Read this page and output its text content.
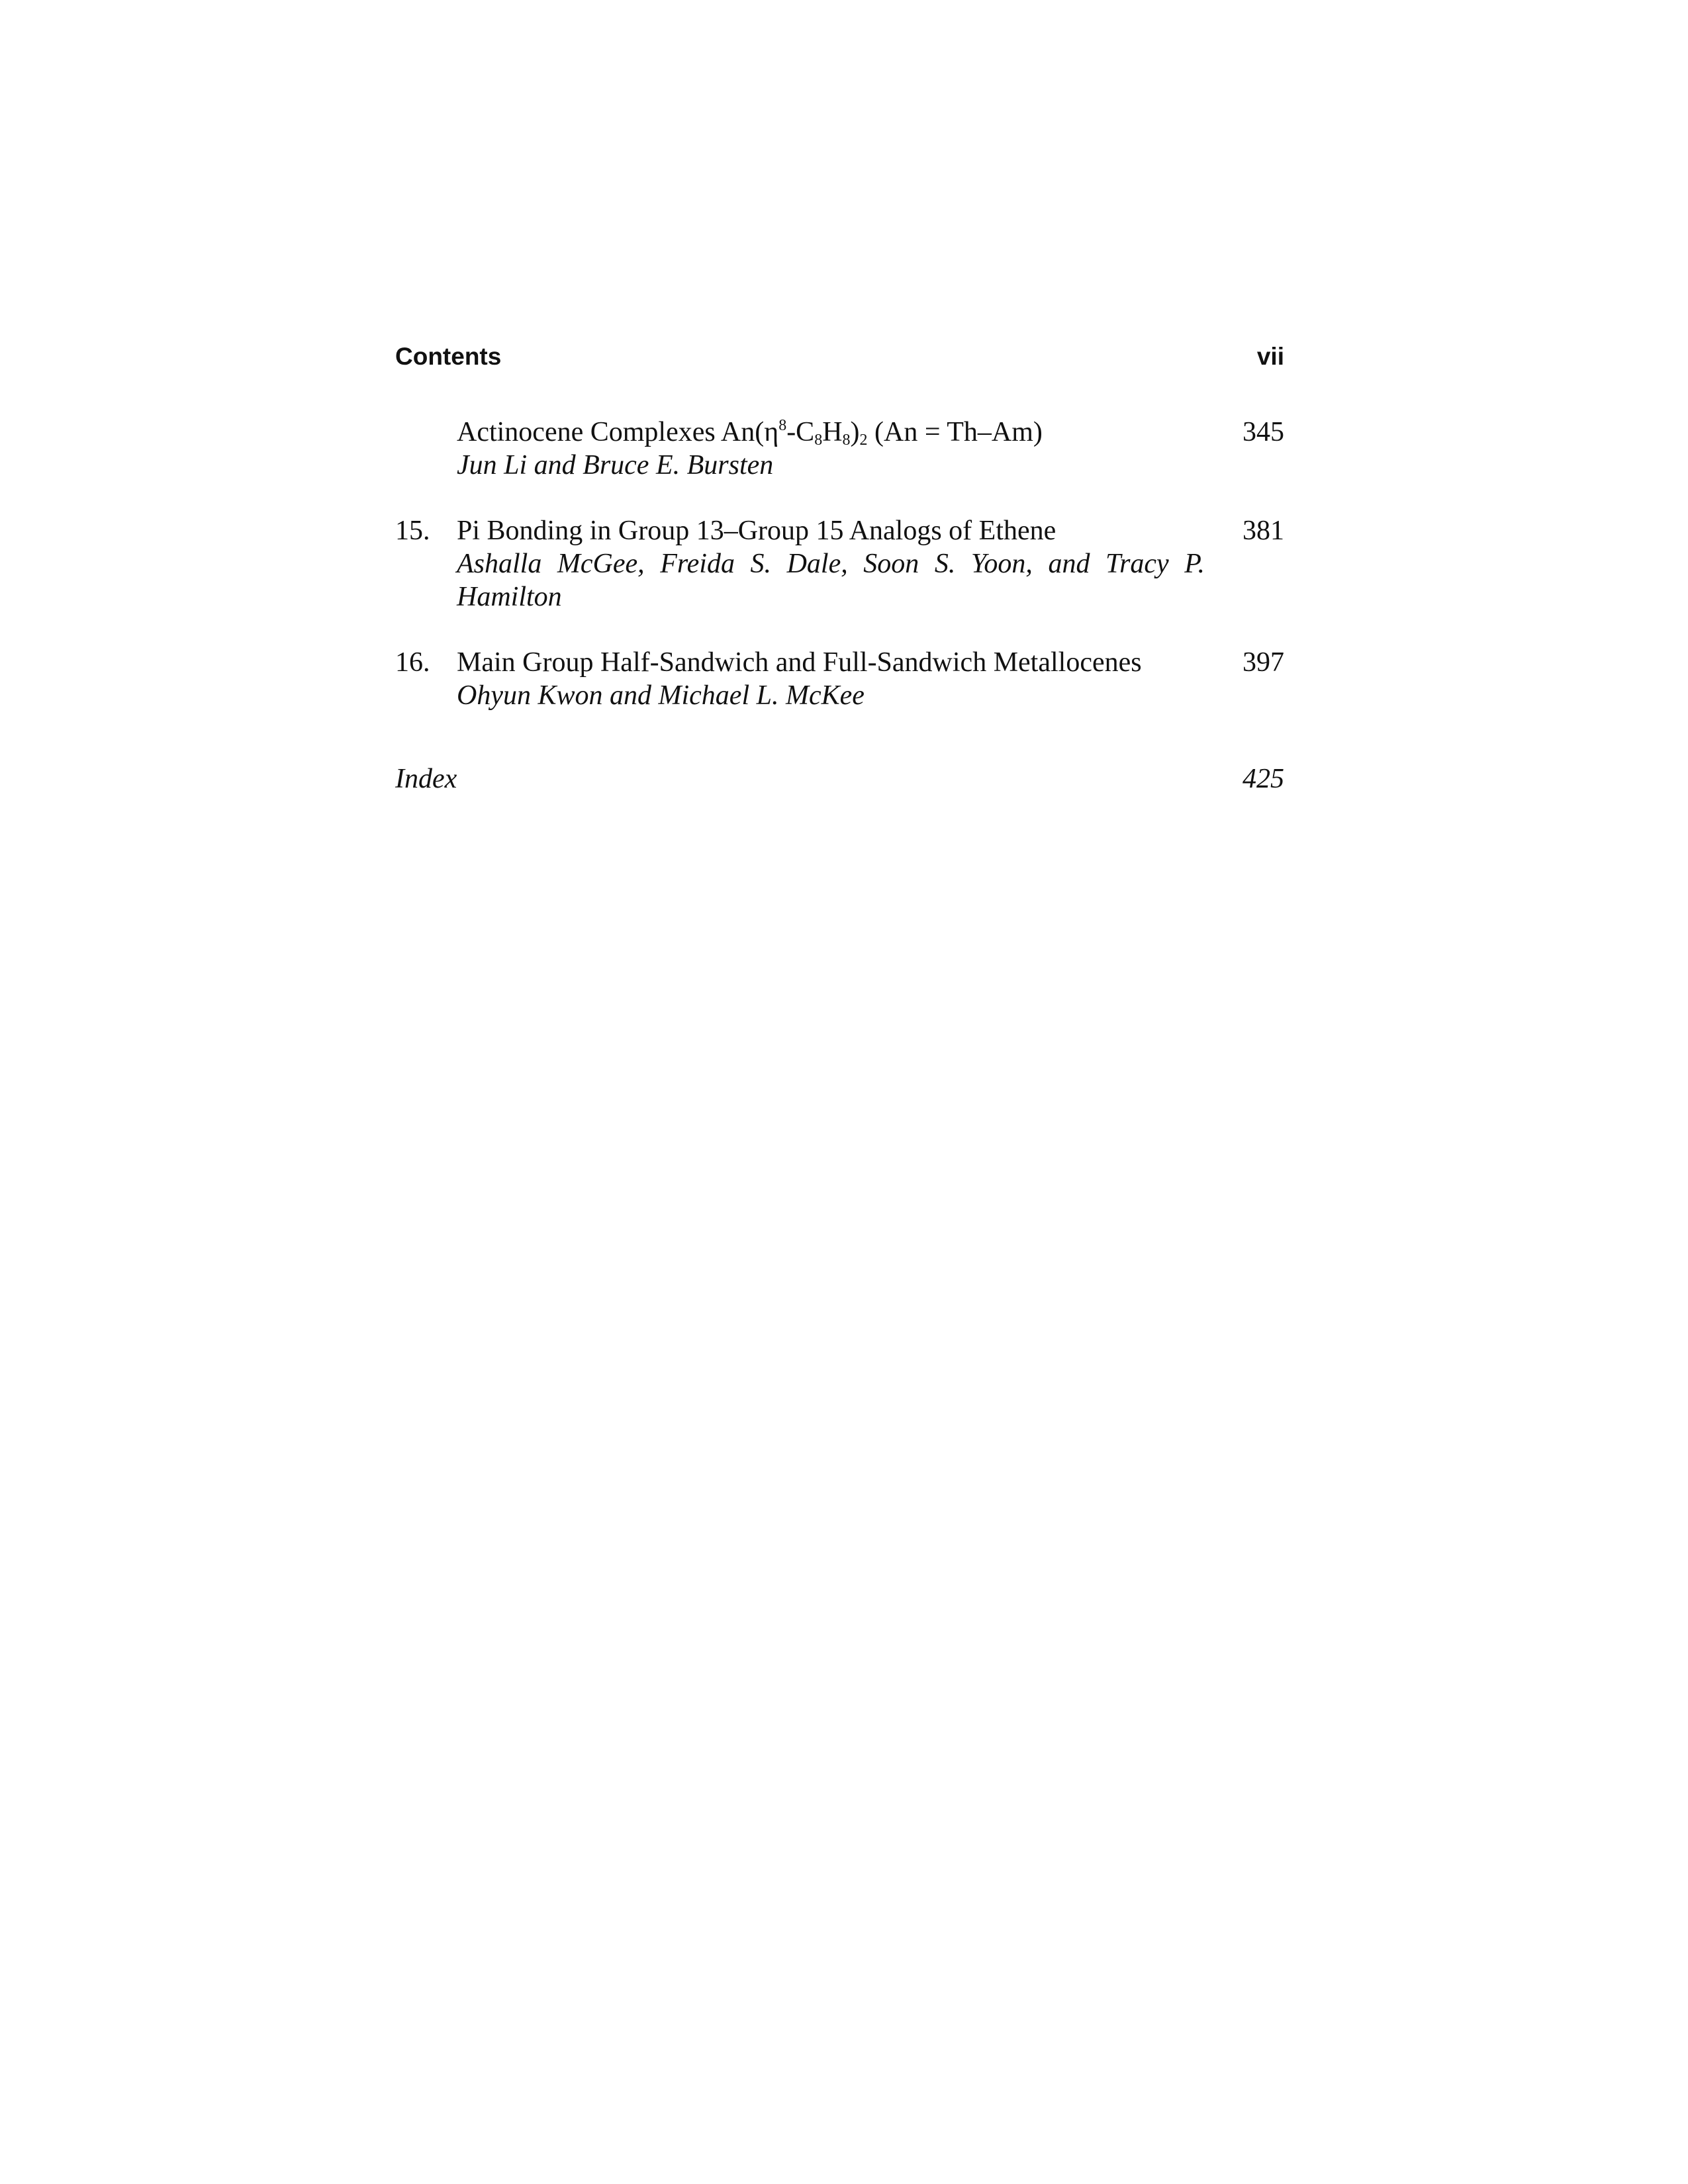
Contents	vii
Actinocene Complexes $An(\eta^8-C_8H_8)_2$ (An = Th–Am)
Jun Li and Bruce E. Bursten
345
15. Pi Bonding in Group 13–Group 15 Analogs of Ethene
Ashalla McGee, Freida S. Dale, Soon S. Yoon, and Tracy P. Hamilton
381
16. Main Group Half-Sandwich and Full-Sandwich Metallocenes
Ohyun Kwon and Michael L. McKee
397
Index	425
